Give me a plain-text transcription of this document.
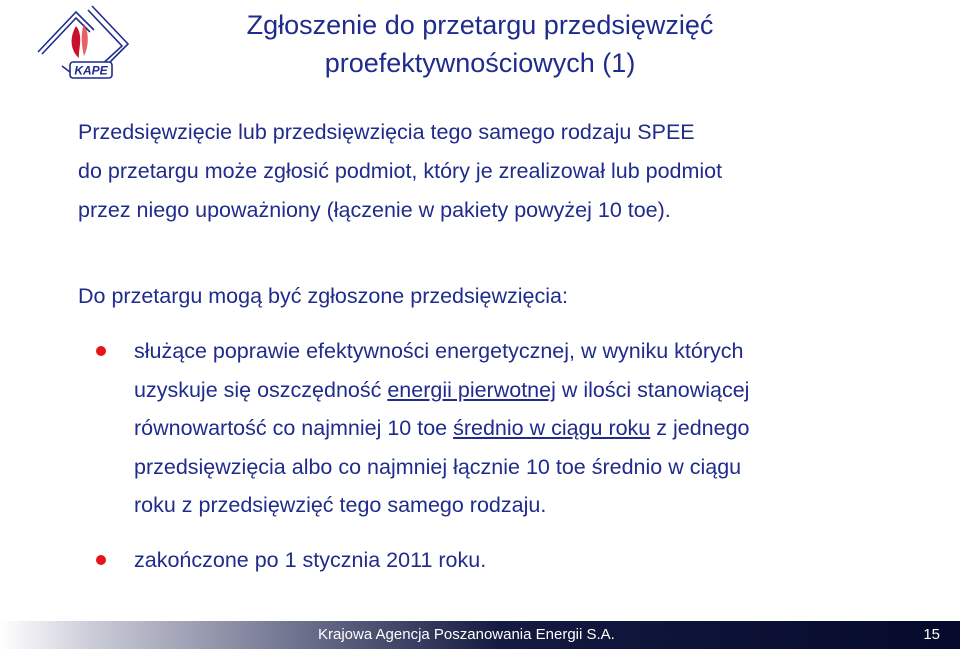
KAPE
Zgłoszenie do przetargu przedsięwzięć
proefektywnościowych (1)
Przedsięwzięcie lub przedsięwzięcia tego samego rodzaju SPEE
do przetargu może zgłosić podmiot, który je zrealizował lub podmiot
przez niego upoważniony (łączenie w pakiety powyżej 10 toe).
Do przetargu mogą być zgłoszone przedsięwzięcia:
służące poprawie efektywności energetycznej, w wyniku których
uzyskuje się oszczędność energii pierwotnej w ilości stanowiącej
równowartość co najmniej 10 toe średnio w ciągu roku z jednego
przedsięwzięcia albo co najmniej łącznie 10 toe średnio w ciągu
roku z przedsięwzięć tego samego rodzaju.
zakończone po 1 stycznia 2011 roku.
Krajowa Agencja Poszanowania Energii S.A.	15
